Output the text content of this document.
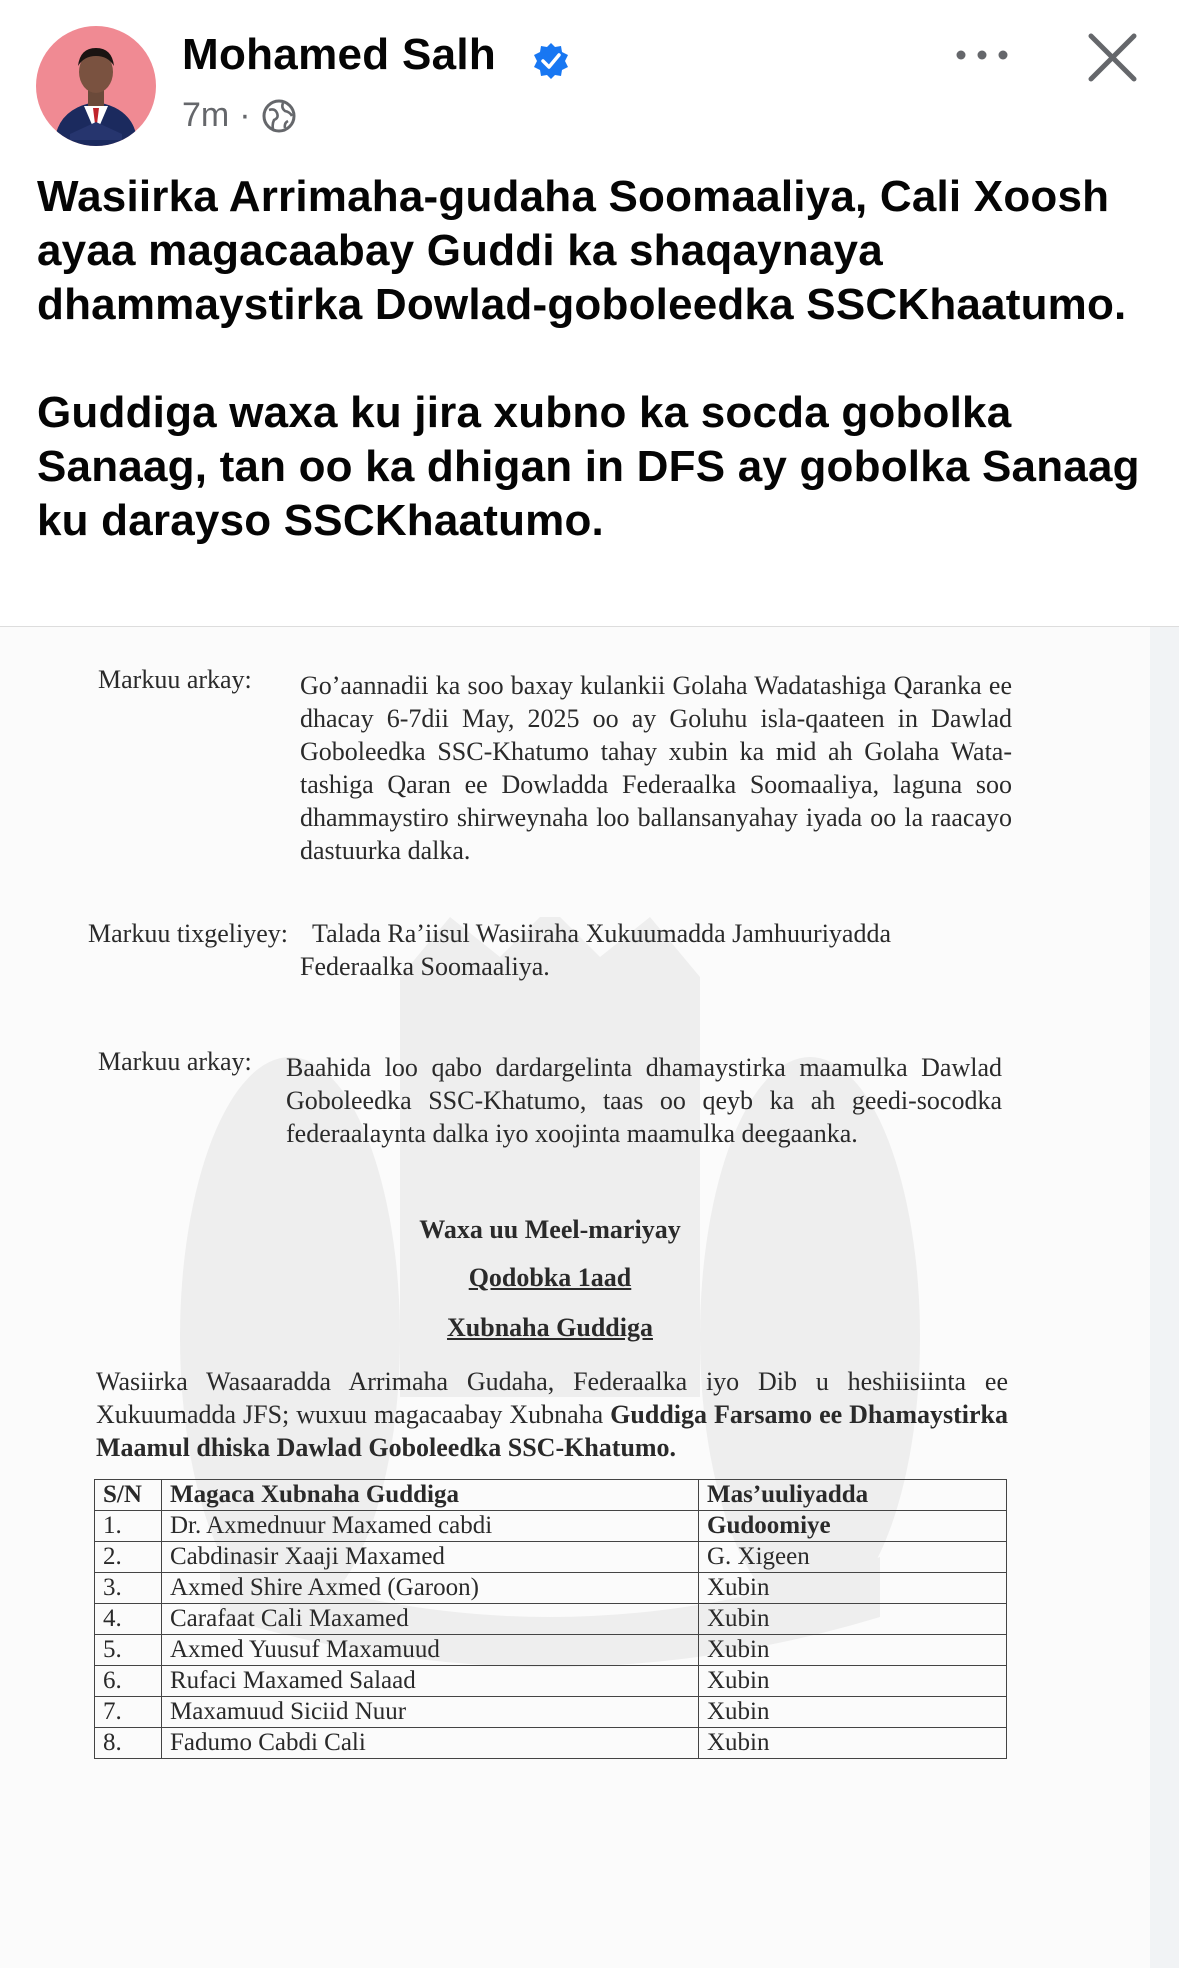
Mohamed Salh
7m ·

Wasiirka Arrimaha-gudaha Soomaaliya, Cali Xoosh ayaa magacaabay Guddi ka shaqaynaya dhammaystirka Dowlad-goboleedka SSCKhaatumo.

Guddiga waxa ku jira xubno ka socda gobolka Sanaag, tan oo ka dhigan in DFS ay gobolka Sanaag ku darayso SSCKhaatumo.

Markuu arkay: Go’aannadii ka soo baxay kulankii Golaha Wadatashiga Qaranka ee dhacay 6-7dii May, 2025 oo ay Goluhu isla-qaateen in Dawlad Goboleedka SSC-Khatumo tahay xubin ka mid ah Golaha Wata-tashiga Qaran ee Dowladda Federaalka Soomaaliya, laguna soo dhammaystiro shirweynaha loo ballansanyahay iyada oo la raacayo dastuurka dalka.
Markuu tixgeliyey: Talada Ra’iisul Wasiiraha Xukuumadda Jamhuuriyadda Federaalka Soomaaliya.
Markuu arkay: Baahida loo qabo dardargelinta dhamaystirka maamulka Dawlad Goboleedka SSC-Khatumo, taas oo qeyb ka ah geedi-socodka federaalaynta dalka iyo xoojinta maamulka deegaanka.
Waxa uu Meel-mariyay
Qodobka 1aad
Xubnaha Guddiga
Wasiirka Wasaaradda Arrimaha Gudaha, Federaalka iyo Dib u heshiisiinta ee Xukuumadda JFS; wuxuu magacaabay Xubnaha Guddiga Farsamo ee Dhamaystirka Maamul dhiska Dawlad Goboleedka SSC-Khatumo.
S/N	Magaca Xubnaha Guddiga	Mas’uuliyadda
1.	Dr. Axmednuur Maxamed cabdi	Gudoomiye
2.	Cabdinasir Xaaji Maxamed	G. Xigeen
3.	Axmed Shire Axmed (Garoon)	Xubin
4.	Carafaat Cali Maxamed	Xubin
5.	Axmed Yuusuf Maxamuud	Xubin
6.	Rufaci Maxamed Salaad	Xubin
7.	Maxamuud Siciid Nuur	Xubin
8.	Fadumo Cabdi Cali	Xubin
